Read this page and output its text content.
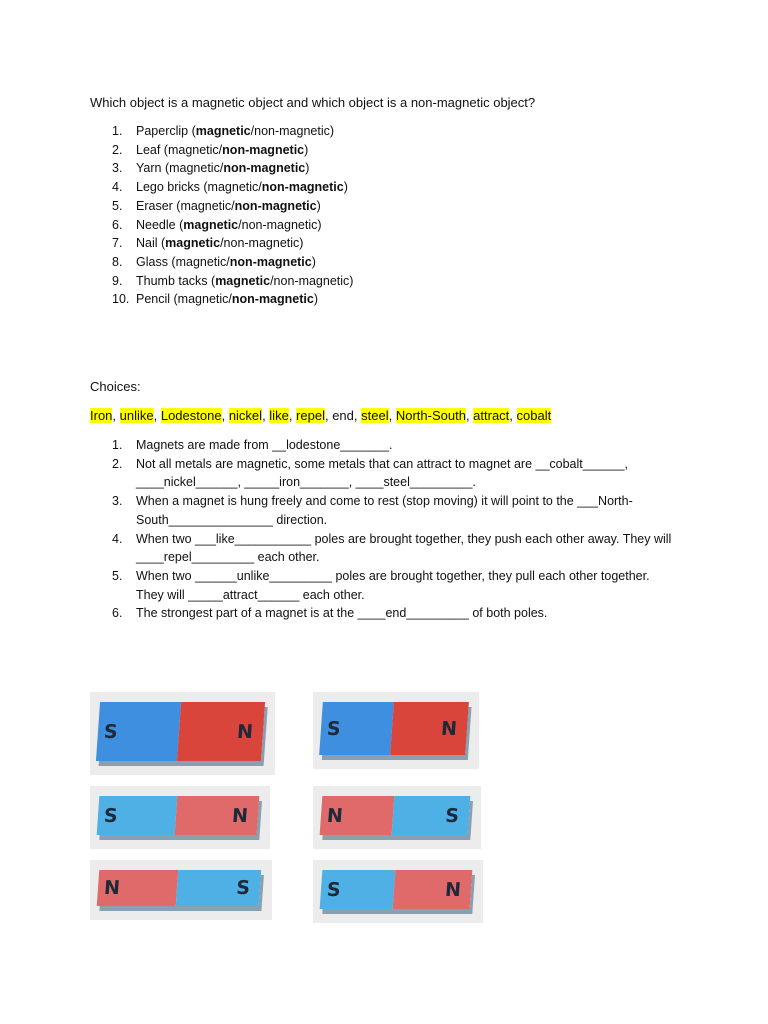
Which object is a magnetic object and which object is a non-magnetic object?
1.	Paperclip (magnetic/non-magnetic)
2.	Leaf (magnetic/non-magnetic)
3.	Yarn (magnetic/non-magnetic)
4.	Lego bricks (magnetic/non-magnetic)
5.	Eraser (magnetic/non-magnetic)
6.	Needle (magnetic/non-magnetic)
7.	Nail (magnetic/non-magnetic)
8.	Glass (magnetic/non-magnetic)
9.	Thumb tacks (magnetic/non-magnetic)
10. Pencil (magnetic/non-magnetic)
Choices:
Iron, unlike, Lodestone, nickel, like, repel, end, steel, North-South, attract, cobalt
1.	Magnets are made from __lodestone_______.
2.	Not all metals are magnetic, some metals that can attract to magnet are __cobalt______,
____nickel______, _____iron_______, ____steel_________.
3.	When a magnet is hung freely and come to rest (stop moving) it will point to the ___North-
South_______________ direction.
4.	When two ___like___________ poles are brought together, they push each other away. They will
____repel_________ each other.
5.	When two ______unlike_________ poles are brought together, they pull each other together.
They will _____attract______ each other.
6.	The strongest part of a magnet is at the ____end_________ of both poles.
S	N	S	N
S	N	N	S
N	S	S	N
